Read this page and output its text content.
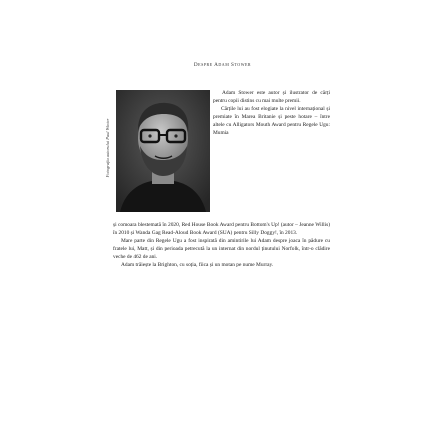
Despre Adam Stower
Fotografia autorului Paul Winter

Adam Stower este autor și ilustrator de cărți pentru copii distins cu mai multe premii.

Cărțile lui au fost elogiate la nivel internațional și premiate în Marea Britanie și peste hotare – între altele cu Alligators Mouth Award pentru Regele Ugu: Mumia

și comoara blestemată în 2020, Red House Book Award pentru Bottom's Up! (autor – Jeanne Willis) în 2010 și Wanda Gag Read-Aloud Book Award (SUA) pentru Silly Doggy!, în 2013.

Mare parte din Regele Ugu a fost inspirată din amintirile lui Adam despre joaca în pădure cu fratele lui, Matt, și din perioada petrecută la un internat din nordul ținutului Norfolk, într-o clădire veche de 462 de ani.

Adam trăiește la Brighton, cu soția, fiica și un motan pe nume Murray.
